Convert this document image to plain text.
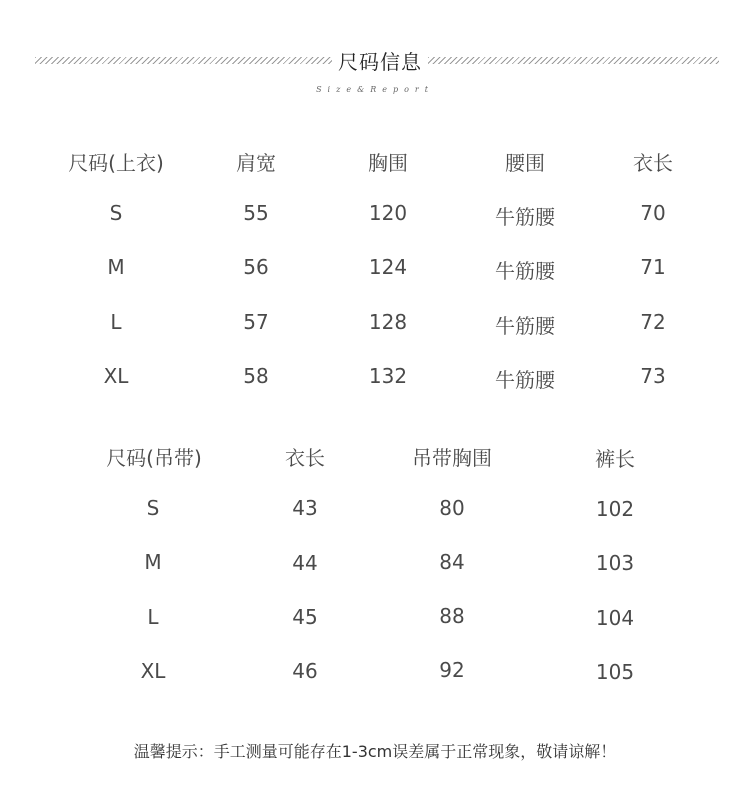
尺码信息
Size&Report
尺码(上衣)	肩宽	胸围	腰围	衣长
S	55	120	牛筋腰	70
M	56	124	牛筋腰	71
L	57	128	牛筋腰	72
XL	58	132	牛筋腰	73
尺码(吊带)	衣长	吊带胸围	裤长
S	43	80	102
M	44	84	103
L	45	88	104
XL	46	92	105
温馨提示：手工测量可能存在1-3cm误差属于正常现象，敬请谅解！
